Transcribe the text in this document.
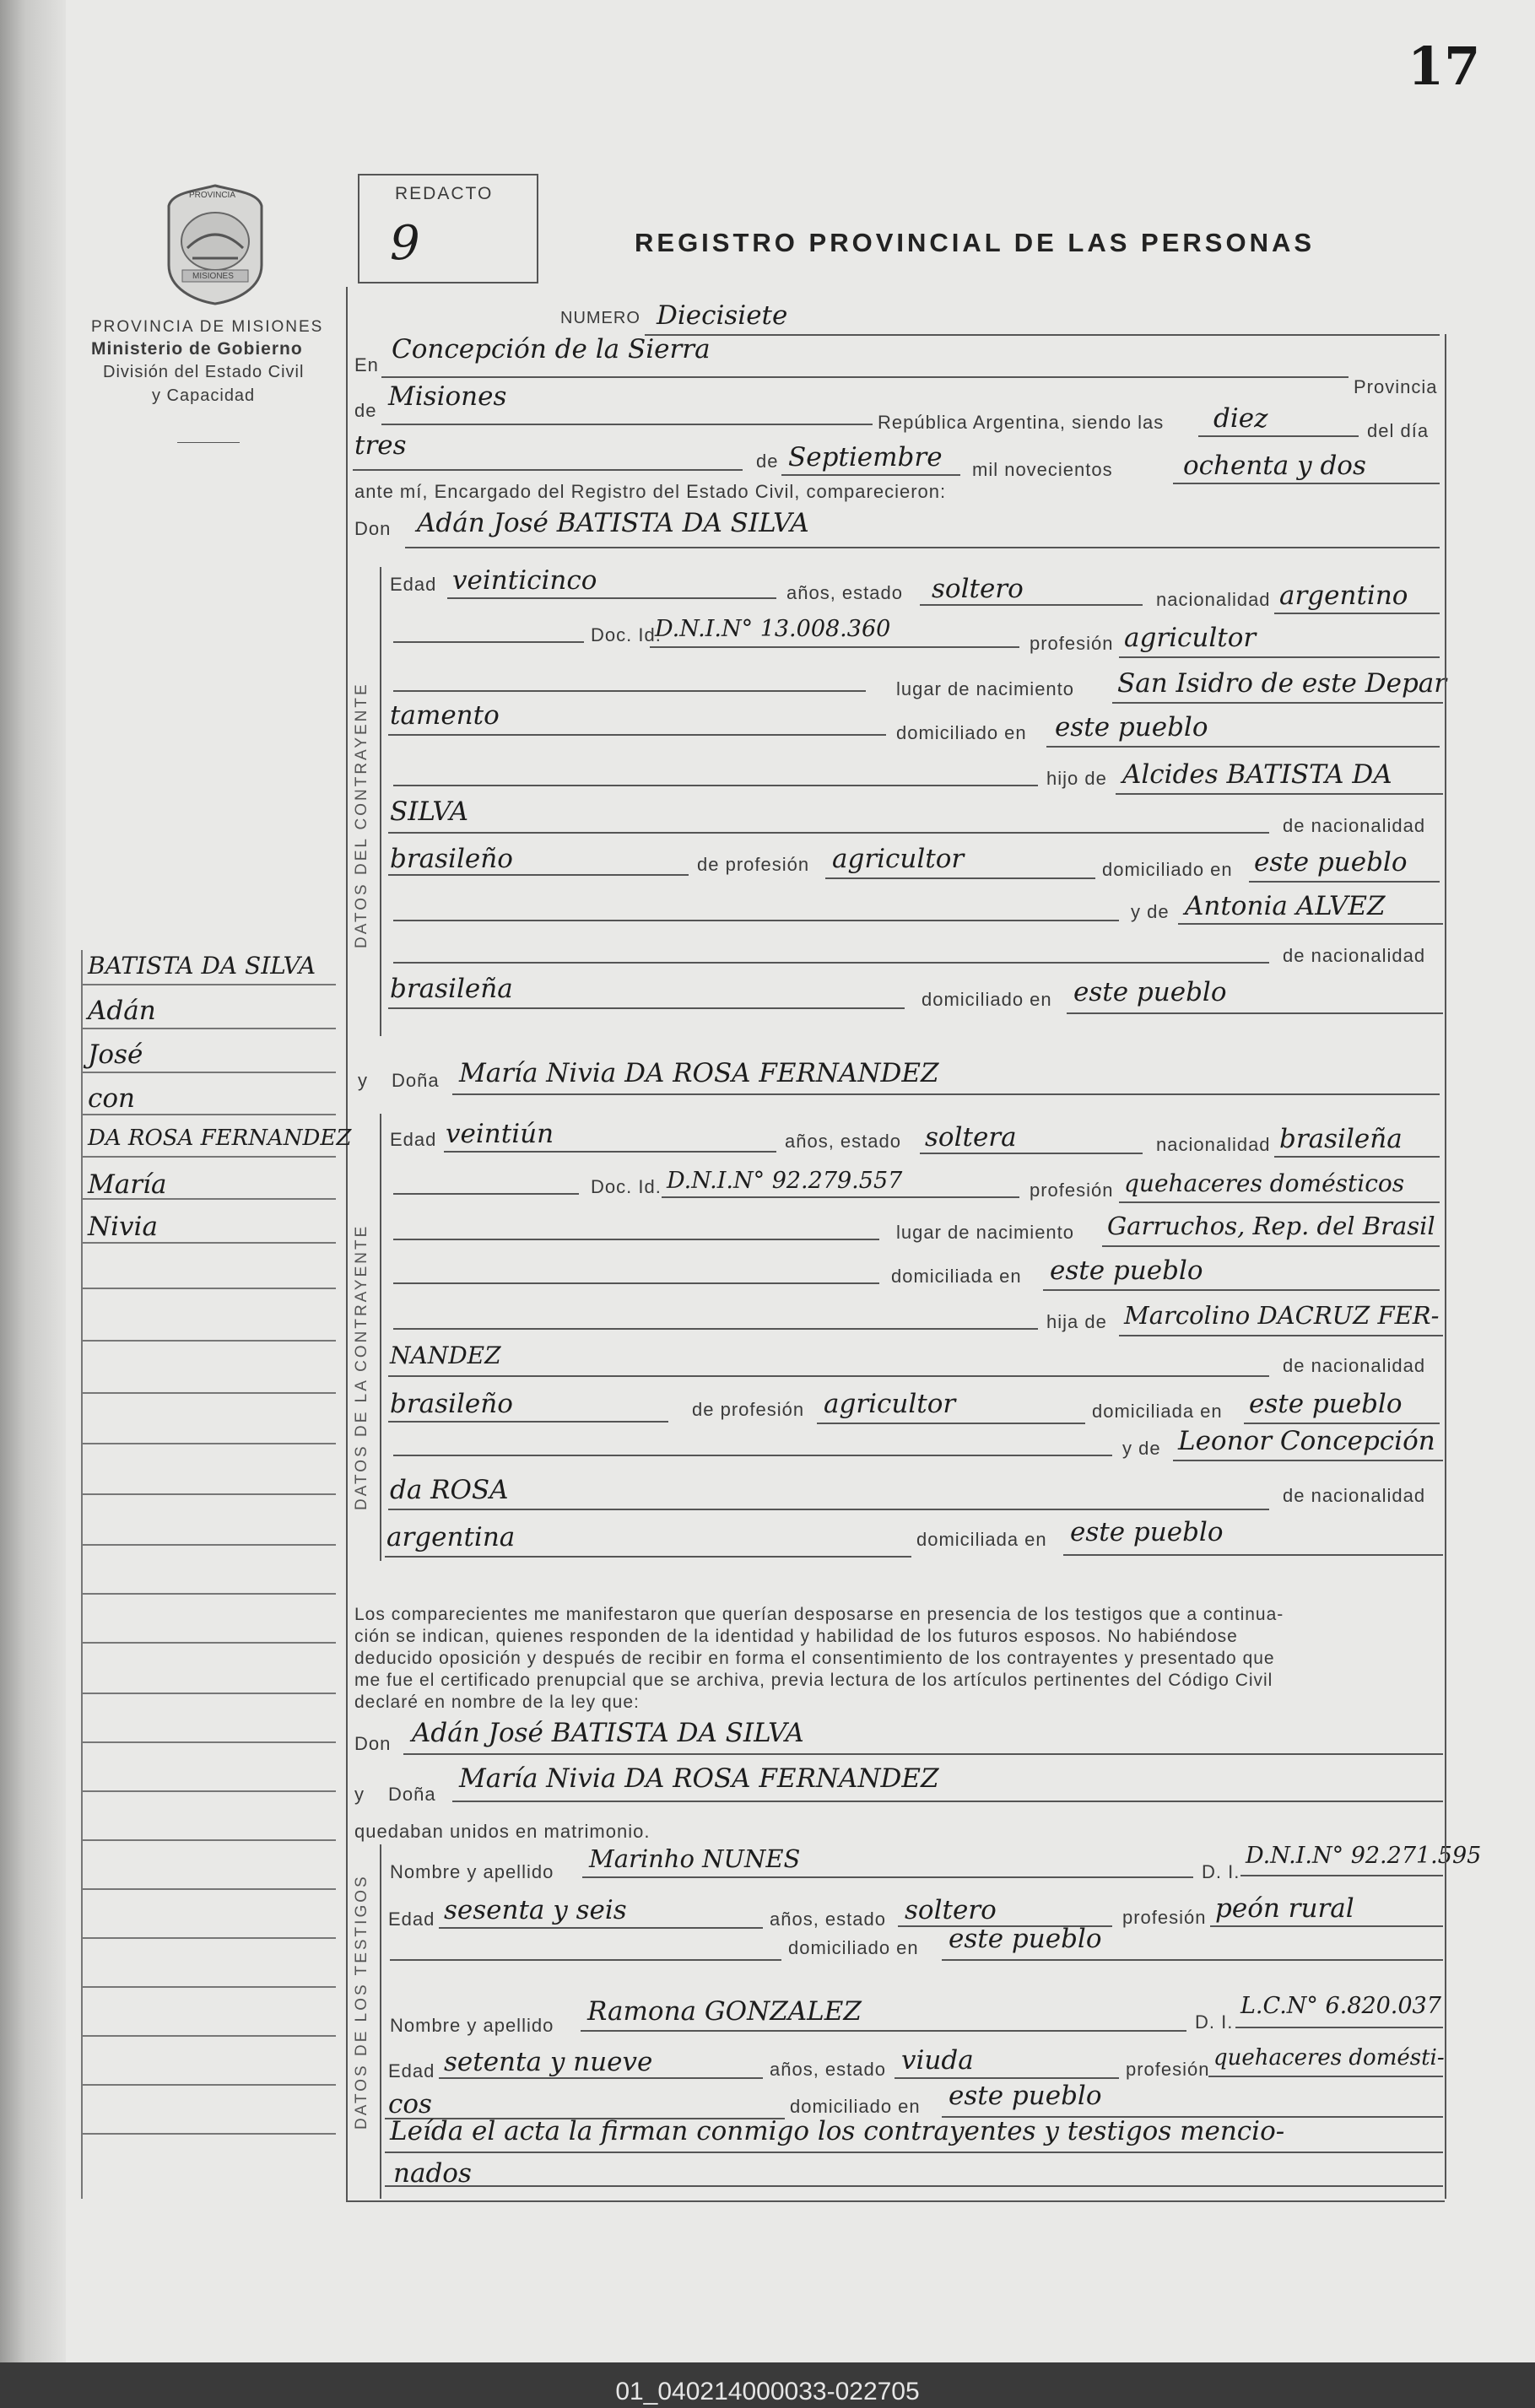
17
PROVINCIA
MISIONES
PROVINCIA DE MISIONES
Ministerio de Gobierno
División del Estado Civil
y Capacidad
REDACTO
9	REGISTRO PROVINCIAL DE LAS PERSONAS
NUMERO Diecisiete
En
Concepción de la Sierra
Provincia
de Misiones
República Argentina, siendo las diez	del día
tres
de Septiembre mil novecientos	ochenta y dos
ante mí, Encargado del Registro del Estado Civil, comparecieron:
Don Adán José BATISTA DA SILVA
DATOS DEL CONTRAYENTE
Edad veinticinco	años, estado soltero	nacionalidad argentino
Doc. Id.
D.N.I.N° 13.008.360
profesión agricultor
lugar de nacimiento San Isidro de este Depar
tamento
domiciliado en este pueblo
hijo de Alcides BATISTA DA
SILVA	de nacionalidad
brasileño	de profesión agricultor	domiciliado en este pueblo
y de Antonia ALVEZ
de nacionalidad
brasileña	domiciliado en este pueblo
y Doña María Nivia DA ROSA FERNANDEZ
DATOS DE LA CONTRAYENTE
Edad veintiún	años, estado soltera	nacionalidad brasileña
Doc. Id. D.N.I.N° 92.279.557	profesión quehaceres domésticos
lugar de nacimiento Garruchos, Rep. del Brasil
domiciliada en este pueblo
hija de Marcolino DACRUZ FER-
NANDEZ	de nacionalidad
brasileño	de profesión agricultor	domiciliada en este pueblo
y de Leonor Concepción
da ROSA	de nacionalidad
argentina	domiciliada en este pueblo
Los comparecientes me manifestaron que querían desposarse en presencia de los testigos que a continua-
ción se indican, quienes responden de la identidad y habilidad de los futuros esposos. No habiéndose
deducido oposición y después de recibir en forma el consentimiento de los contrayentes y presentado que
me fue el certificado prenupcial que se archiva, previa lectura de los artículos pertinentes del Código Civil
declaré en nombre de la ley que:
Don Adán José BATISTA DA SILVA
y Doña
María Nivia DA ROSA FERNANDEZ
quedaban unidos en matrimonio.
DATOS DE LOS TESTIGOS
Nombre y apellido Marinho NUNES	D. I.
D.N.I.N° 92.271.595
Edad sesenta y seis	años, estado soltero	profesión peón rural
domiciliado en este pueblo
Nombre y apellido Ramona GONZALEZ	D. I.
L.C.N° 6.820.037
Edad setenta y nueve	años, estado viuda	profesión quehaceres domésti-
cos	domiciliado en este pueblo
Leída el acta la firman conmigo los contrayentes y testigos mencio-
nados
BATISTA DA SILVA
Adán
José
con
DA ROSA FERNANDEZ
María
Nivia
01_040214000033-022705
